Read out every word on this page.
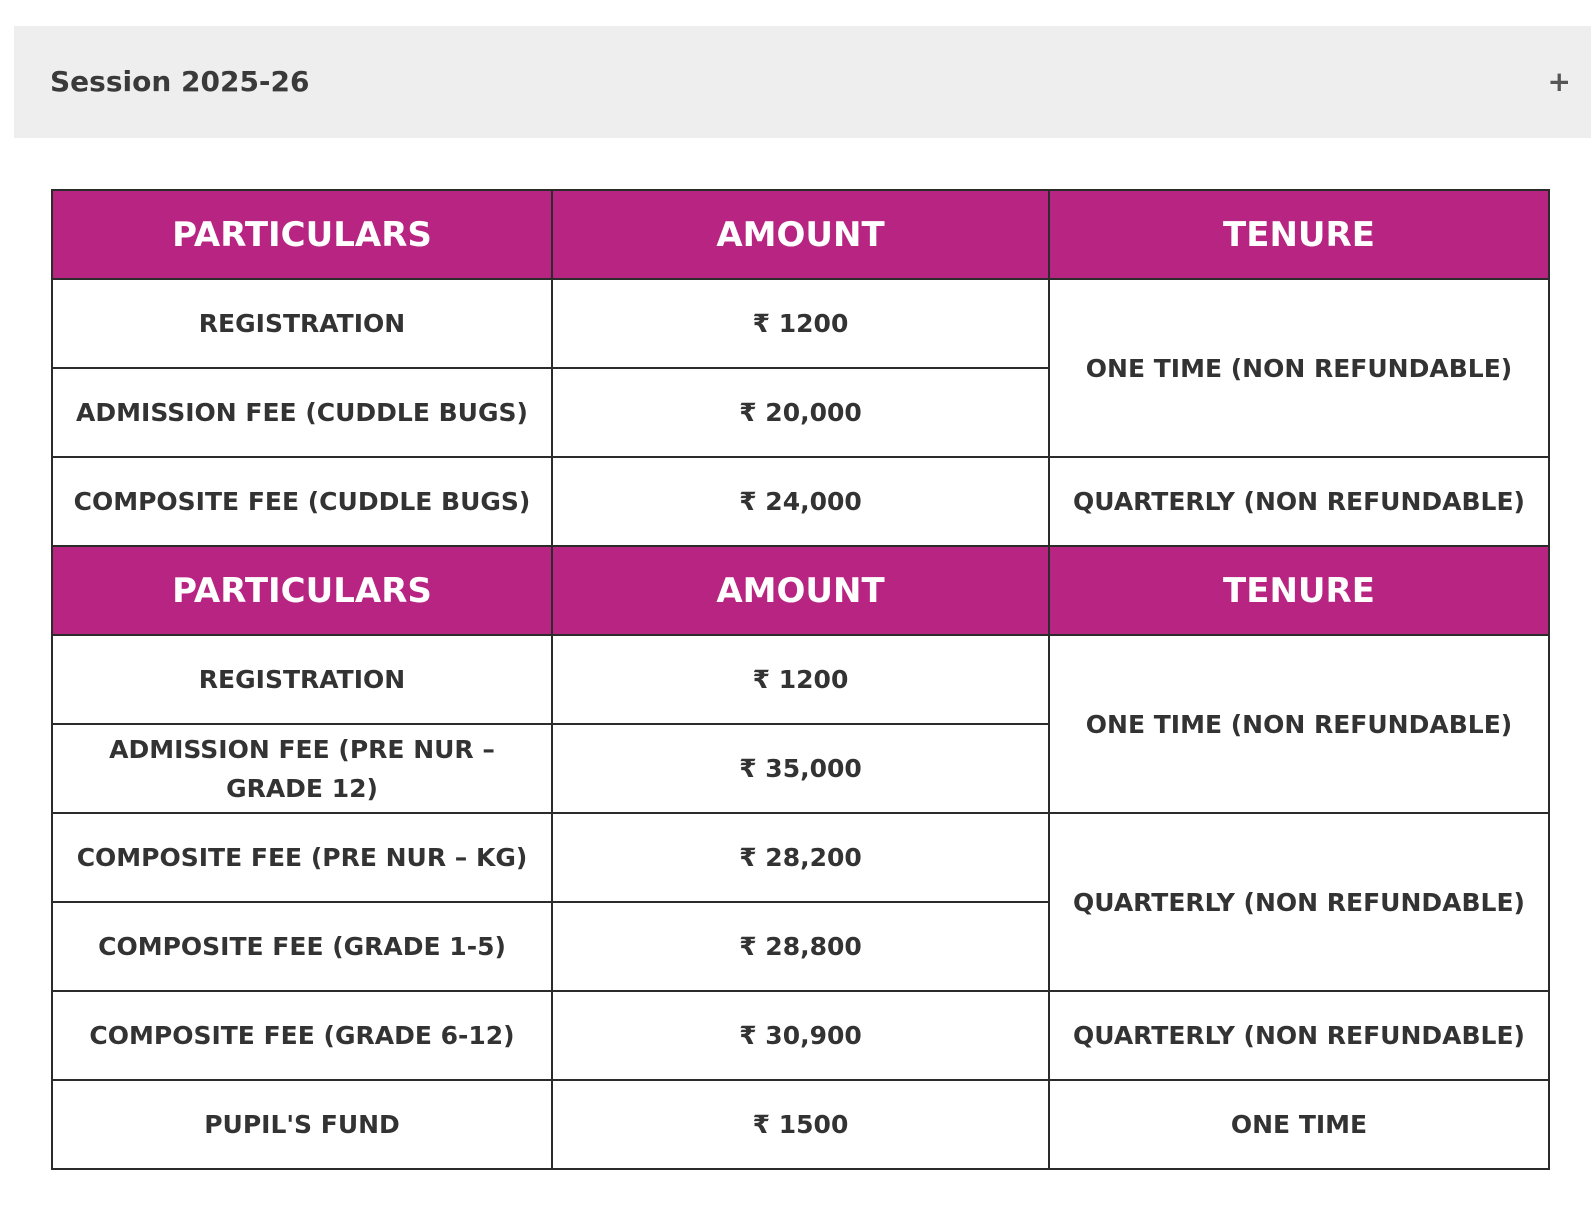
Session 2025-26	+
PARTICULARS	AMOUNT	TENURE
REGISTRATION	₹ 1200	ONE TIME (NON REFUNDABLE)
ADMISSION FEE (CUDDLE BUGS)	₹ 20,000	
COMPOSITE FEE (CUDDLE BUGS)	₹ 24,000	QUARTERLY (NON REFUNDABLE)
PARTICULARS	AMOUNT	TENURE
REGISTRATION	₹ 1200	ONE TIME (NON REFUNDABLE)
ADMISSION FEE (PRE NUR – GRADE 12)	₹ 35,000	
COMPOSITE FEE (PRE NUR – KG)	₹ 28,200	QUARTERLY (NON REFUNDABLE)
COMPOSITE FEE (GRADE 1-5)	₹ 28,800	
COMPOSITE FEE (GRADE 6-12)	₹ 30,900	QUARTERLY (NON REFUNDABLE)
PUPIL'S FUND	₹ 1500	ONE TIME
